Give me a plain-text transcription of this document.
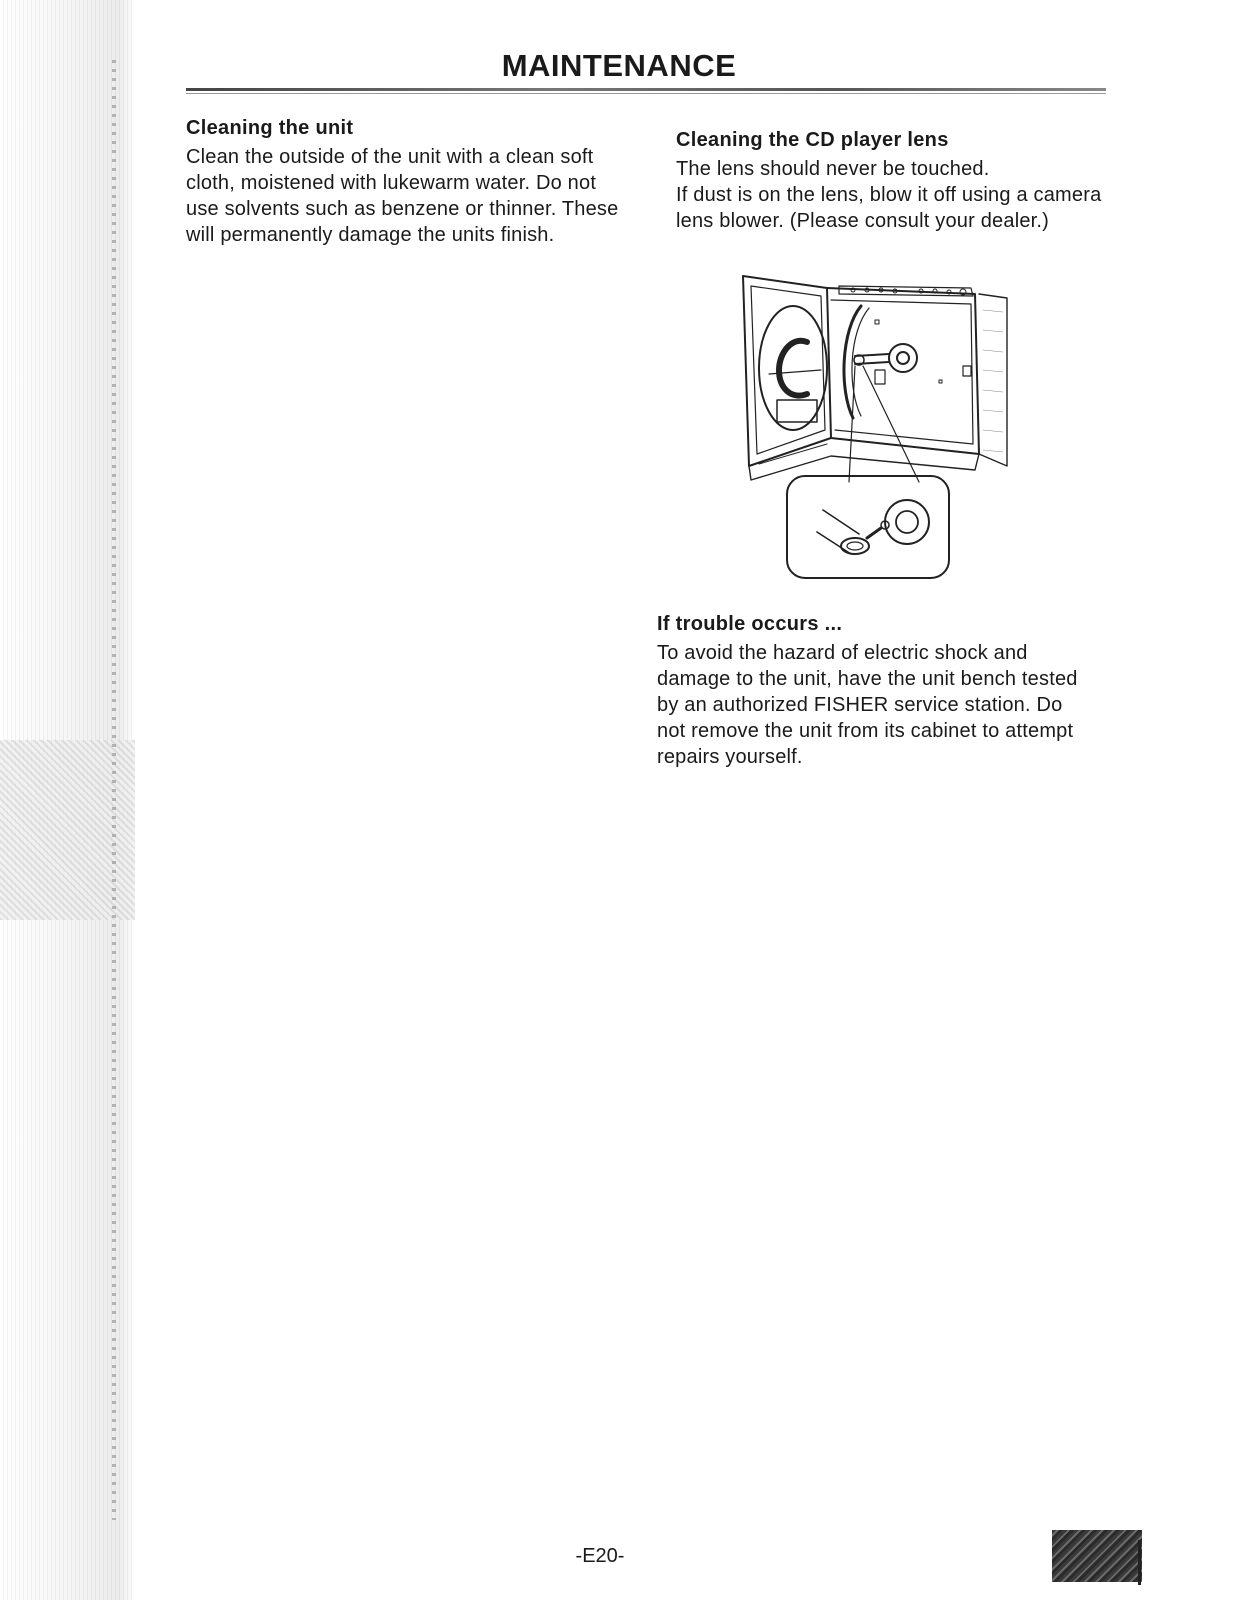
MAINTENANCE
Cleaning the unit

Clean the outside of the unit with a clean soft
cloth, moistened with lukewarm water. Do not
use solvents such as benzene or thinner. These
will permanently damage the units finish.

Cleaning the CD player lens

The lens should never be touched.
If dust is on the lens, blow it off using a camera
lens blower. (Please consult your dealer.)

If trouble occurs ...

To avoid the hazard of electric shock and
damage to the unit, have the unit bench tested
by an authorized FISHER service station. Do
not remove the unit from its cabinet to attempt
repairs yourself.

-E20-
